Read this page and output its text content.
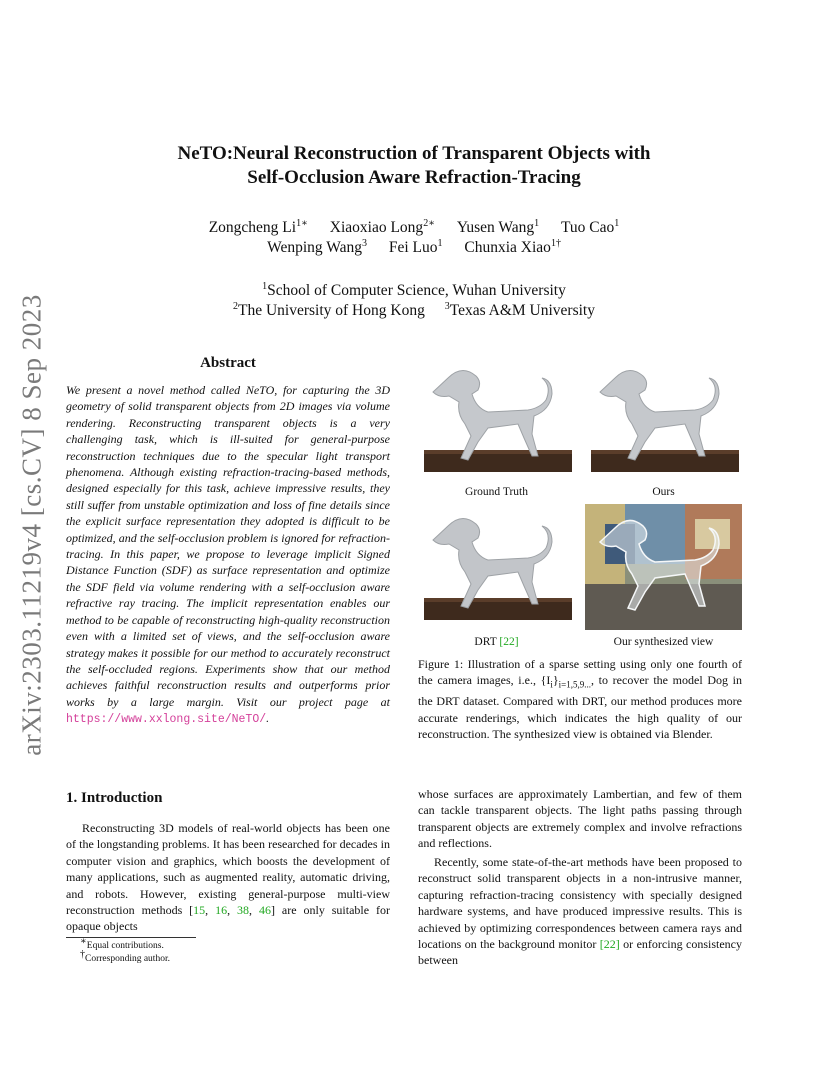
arXiv:2303.11219v4 [cs.CV] 8 Sep 2023
NeTO:Neural Reconstruction of Transparent Objects with
Self-Occlusion Aware Refraction-Tracing
Zongcheng $Li^{1∗}$ Xiaoxiao Long$^{2∗}$ Yusen Wang$^1$ Tuo Cao$^1$
Wenping Wang$^3$ Fei Luo$^1$ Chunxia Xiao$^{1\dagger}$
$^1$School of Computer Science, Wuhan University
$^2$The University of Hong Kong $^3$Texas A&M University
Abstract
We present a novel method called NeTO, for capturing the 3D geometry of solid transparent objects from 2D images via volume rendering. Reconstructing transparent objects is a very challenging task, which is ill-suited for general-purpose reconstruction techniques due to the specular light transport phenomena. Although existing refraction-tracing-based methods, designed especially for this task, achieve impressive results, they still suffer from unstable optimization and loss of fine details since the explicit surface representation they adopted is difficult to be optimized, and the self-occlusion problem is ignored for refraction-tracing. In this paper, we propose to leverage implicit Signed Distance Function (SDF) as surface representation and optimize the SDF field via volume rendering with a self-occlusion aware refractive ray tracing. The implicit representation enables our method to be capable of reconstructing high-quality reconstruction even with a limited set of views, and the self-occlusion aware strategy makes it possible for our method to accurately reconstruct the self-occluded regions. Experiments show that our method achieves faithful reconstruction results and outperforms prior works by a large margin. Visit our project page at https://www.xxlong.site/NeTO/.
1. Introduction
Reconstructing 3D models of real-world objects has been one of the longstanding problems. It has been researched for decades in computer vision and graphics, which boosts the development of many applications, such as augmented reality, automatic driving, and robots. However, existing general-purpose multi-view reconstruction methods [15, 16, 38, 46] are only suitable for opaque objects
∗Equal contributions.
†Corresponding author.
Ground Truth	Ours
DRT [22]	Our synthesized view
Figure 1: Illustration of a sparse setting using only one fourth of the camera images, i.e., $\{I_i\}_{i=1,5,9...}$, to recover the model Dog in the DRT dataset. Compared with DRT, our method produces more accurate renderings, which indicates the high quality of our reconstruction. The synthesized view is obtained via Blender.
whose surfaces are approximately Lambertian, and few of them can tackle transparent objects. The light paths passing through transparent objects are extremely complex and involve refractions and reflections.
Recently, some state-of-the-art methods have been proposed to reconstruct solid transparent objects in a non-intrusive manner, capturing refraction-tracing consistency with specially designed hardware systems, and have produced impressive results. This is achieved by optimizing correspondences between camera rays and locations on the background monitor [22] or enforcing consistency between
